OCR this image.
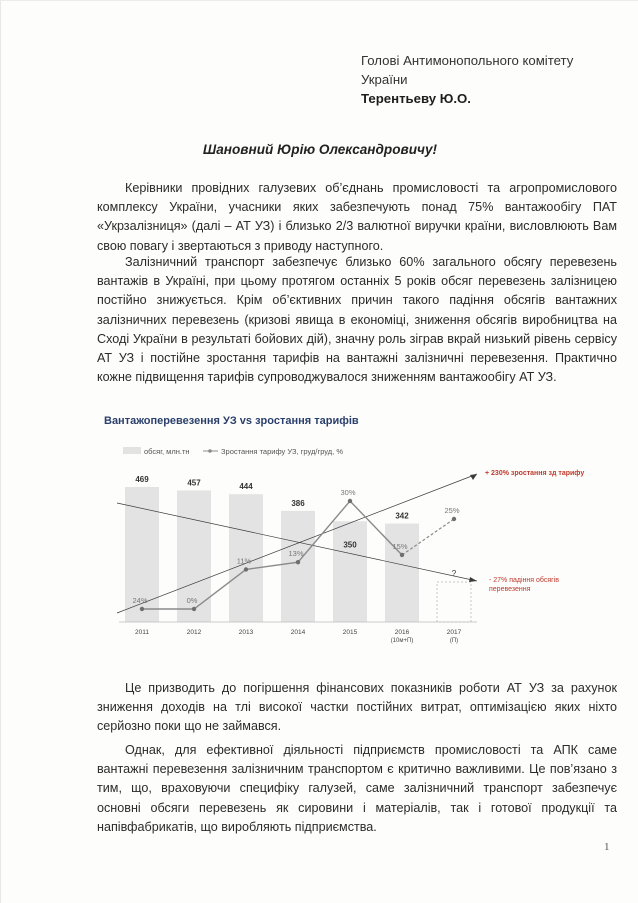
Голові Антимонопольного комітету
України
Терентьеву Ю.О.
Шановний Юрію Олександровичу!

Керівники провідних галузевих об’єднань промисловості та агропромислового комплексу України, учасники яких забезпечують понад 75% вантажообігу ПАТ «Укрзалізниця» (далі – АТ УЗ) і близько 2/3 валютної виручки країни, висловлюють Вам свою повагу і звертаються з приводу наступного.

Залізничний транспорт забезпечує близько 60% загального обсягу перевезень вантажів в Україні, при цьому протягом останніх 5 років обсяг перевезень залізницею постійно знижується. Крім об’єктивних причин такого падіння обсягів вантажних залізничних перевезень (кризові явища в економіці, зниження обсягів виробництва на Сході України в результаті бойових дій), значну роль зіграв вкрай низький рівень сервісу АТ УЗ і постійне зростання тарифів на вантажні залізничні перевезення. Практично кожне підвищення тарифів супроводжувалося зниженням вантажообігу АТ УЗ.

Вантажоперевезення УЗ vs зростання тарифів
обсяг, млн.тн	Зростання тарифу УЗ, груд/груд, %
469	457	444
386
350
342
?
24%	0%
11%
13%
30%
15%
25%
2011	2012	2013	2014	2015	2016
(10м+П)
2017
(П)
+ 230% зростання зд тарифу
- 27% падіння обсягів
перевезення

Це призводить до погіршення фінансових показників роботи АТ УЗ за рахунок зниження доходів на тлі високої частки постійних витрат, оптимізацією яких ніхто серйозно поки що не займався.

Однак, для ефективної діяльності підприємств промисловості та АПК саме вантажні перевезення залізничним транспортом є критично важливими. Це пов’язано з тим, що, враховуючи специфіку галузей, саме залізничний транспорт забезпечує основні обсяги перевезень як сировини і матеріалів, так і готової продукції та напівфабрикатів, що виробляють підприємства.

1
